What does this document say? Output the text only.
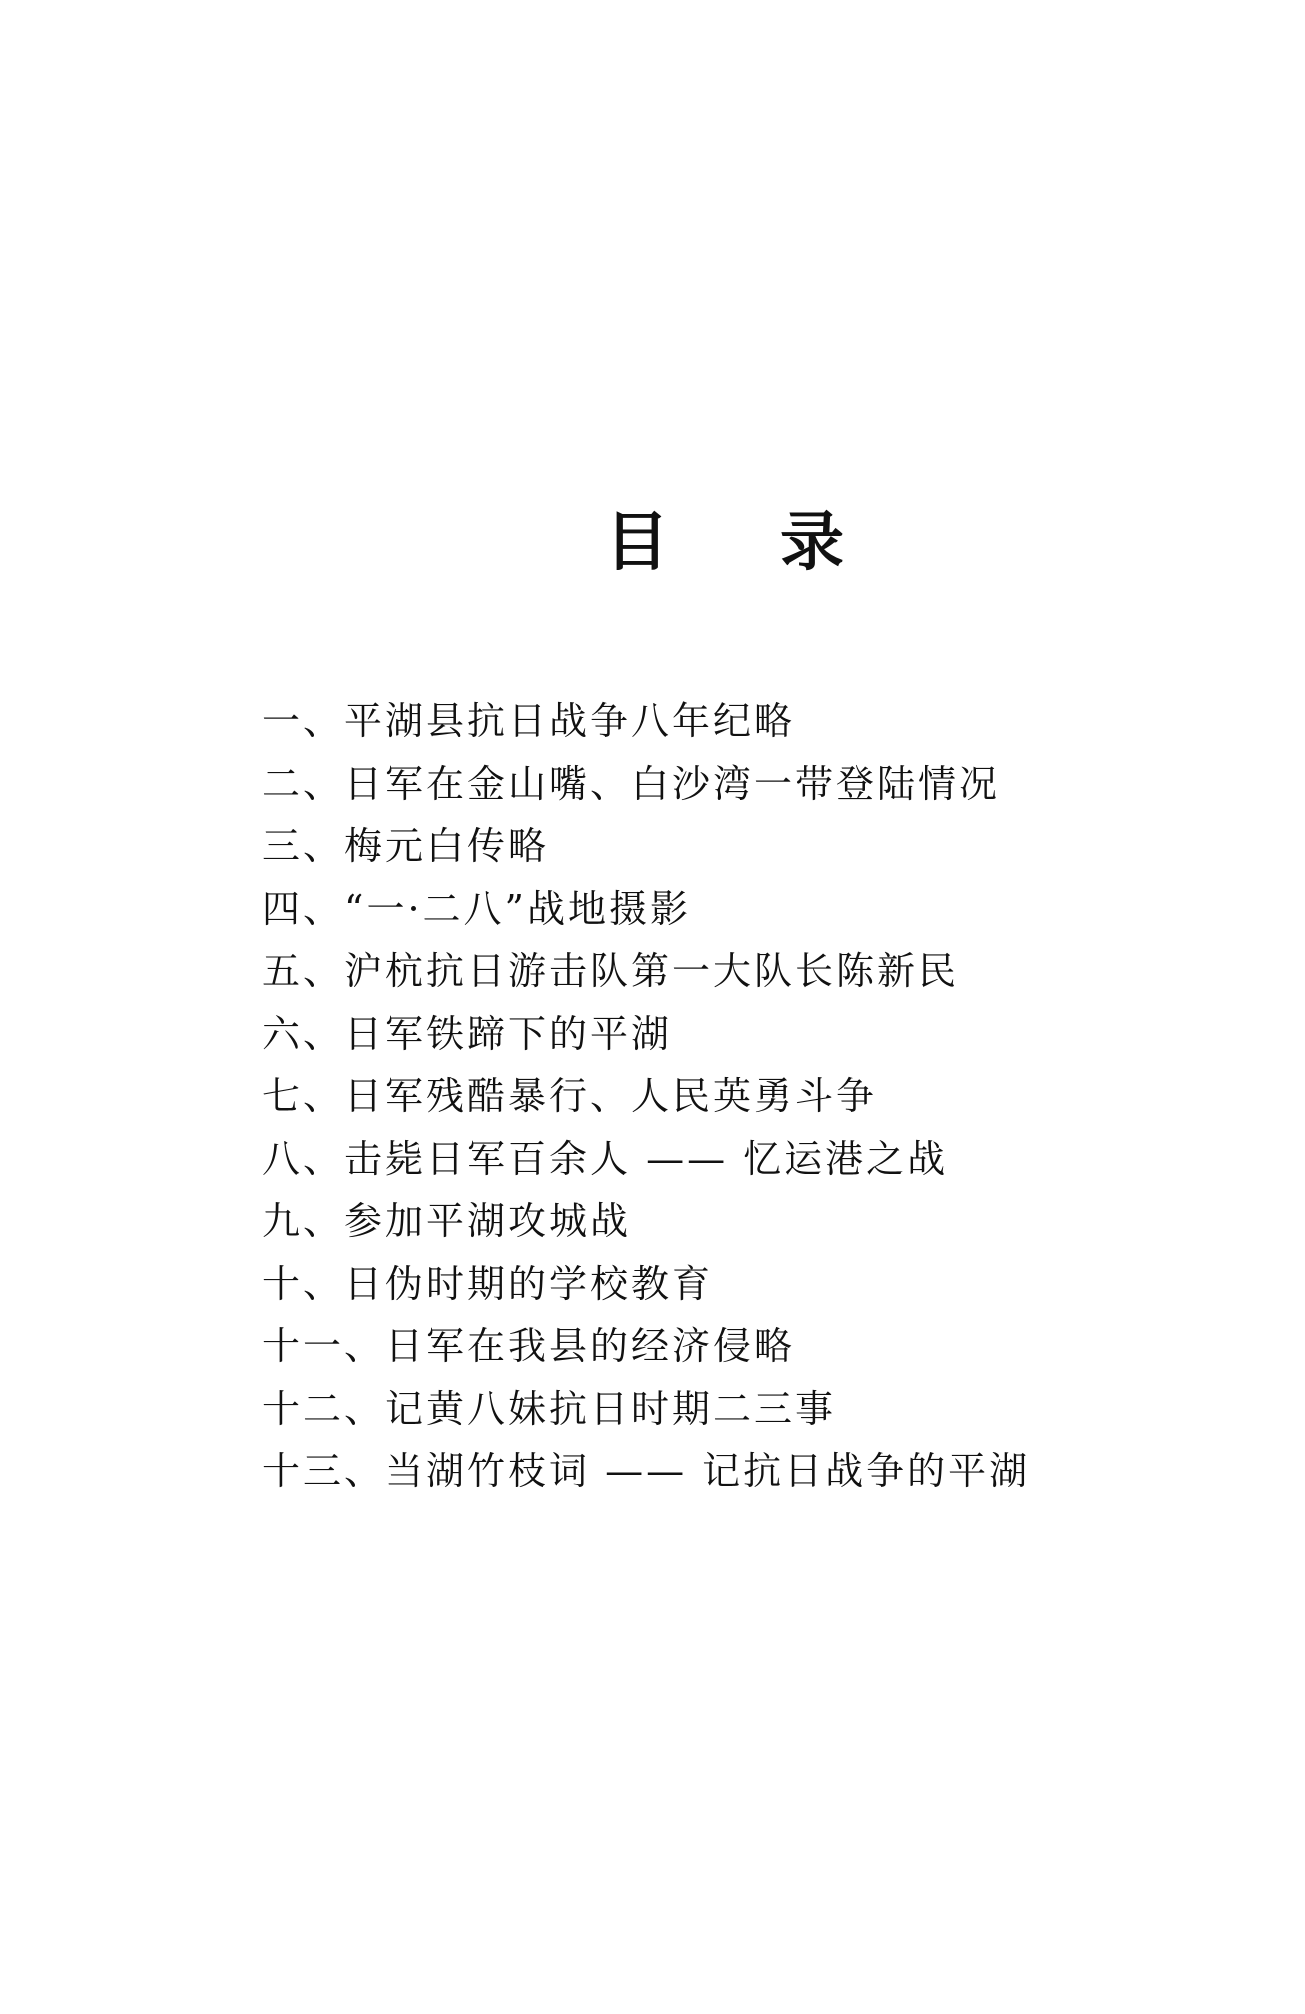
目 录
一、平湖县抗日战争八年纪略
二、日军在金山嘴、白沙湾一带登陆情况
三、梅元白传略
四、“一·二八”战地摄影
五、沪杭抗日游击队第一大队长陈新民
六、日军铁蹄下的平湖
七、日军残酷暴行、人民英勇斗争
八、击毙日军百余人 —— 忆运港之战
九、参加平湖攻城战
十、日伪时期的学校教育
十一、日军在我县的经济侵略
十二、记黄八妹抗日时期二三事
十三、当湖竹枝词 —— 记抗日战争的平湖
